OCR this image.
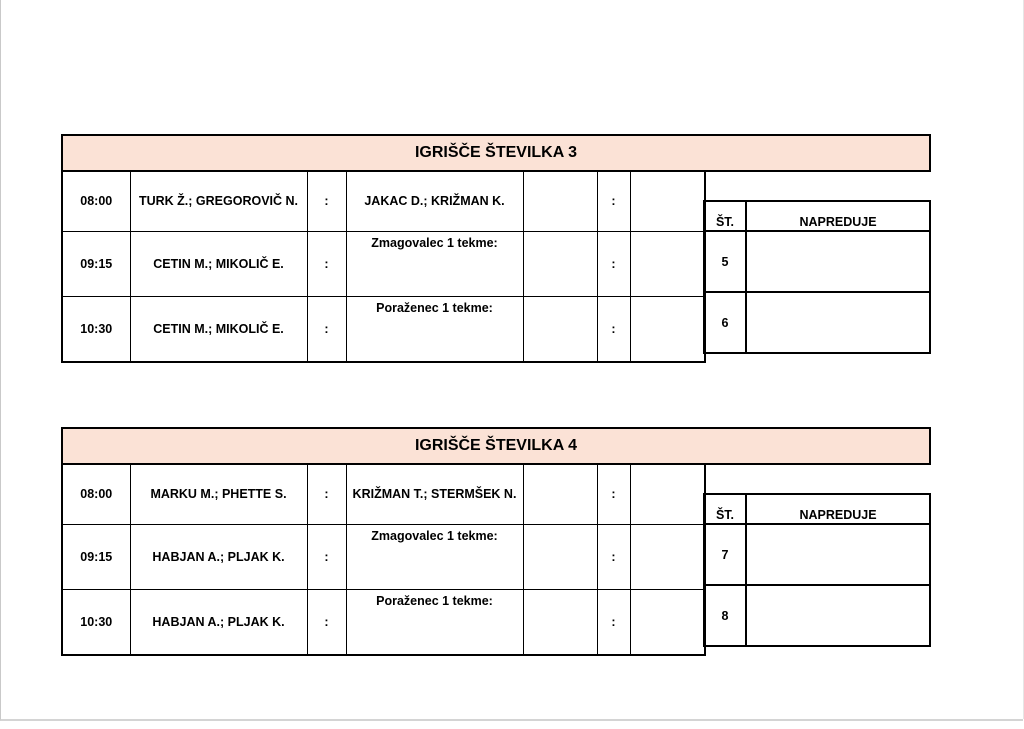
IGRIŠČE ŠTEVILKA 3
08:00	TURK Ž.; GREGOROVIČ N.	:	JAKAC D.; KRIŽMAN K.		:	
09:15	CETIN M.; MIKOLIČ E.	:	Zmagovalec 1 tekme:		:	
10:30	CETIN M.; MIKOLIČ E.	:	Poraženec 1 tekme:		:	
ŠT.	NAPREDUJE
5	
6	
IGRIŠČE ŠTEVILKA 4
08:00	MARKU M.; PHETTE S.	:	KRIŽMAN T.; STERMŠEK N.		:	
09:15	HABJAN A.; PLJAK K.	:	Zmagovalec 1 tekme:		:	
10:30	HABJAN A.; PLJAK K.	:	Poraženec 1 tekme:		:	
ŠT.	NAPREDUJE
7	
8	
